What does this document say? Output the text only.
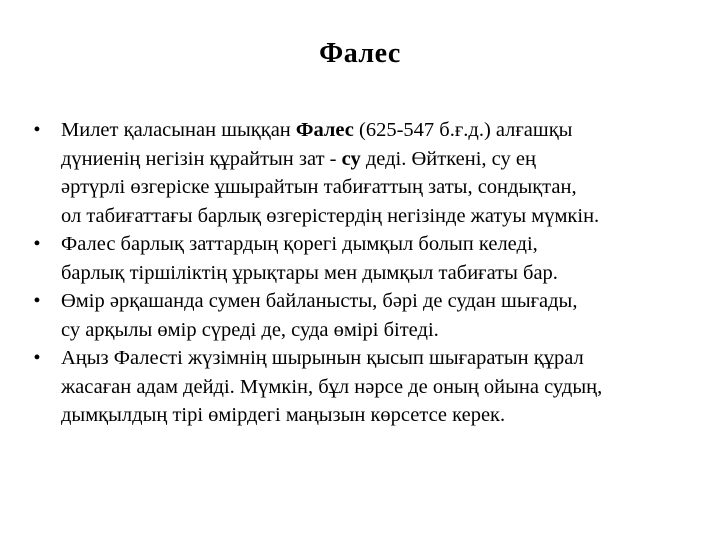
Фалес
• Милет қаласынан шыққан Фалес (625-547 б.ғ.д.) алғашқы
дүниенің негізін құрайтын зат - су деді. Өйткені, су ең
әртүрлі өзгеріске ұшырайтын табиғаттың заты, сондықтан,
ол табиғаттағы барлық өзгерістердің негізінде жатуы мүмкін.
• Фалес барлық заттардың қорегі дымқыл болып келеді,
барлық тіршіліктің ұрықтары мен дымқыл табиғаты бар.
• Өмір әрқашанда сумен байланысты, бәрі де судан шығады,
су арқылы өмір сүреді де, суда өмірі бітеді.
• Аңыз Фалесті жүзімнің шырынын қысып шығаратын құрал
жасаған адам дейді. Мүмкін, бұл нәрсе де оның ойына судың,
дымқылдың тірі өмірдегі маңызын көрсетсе керек.
